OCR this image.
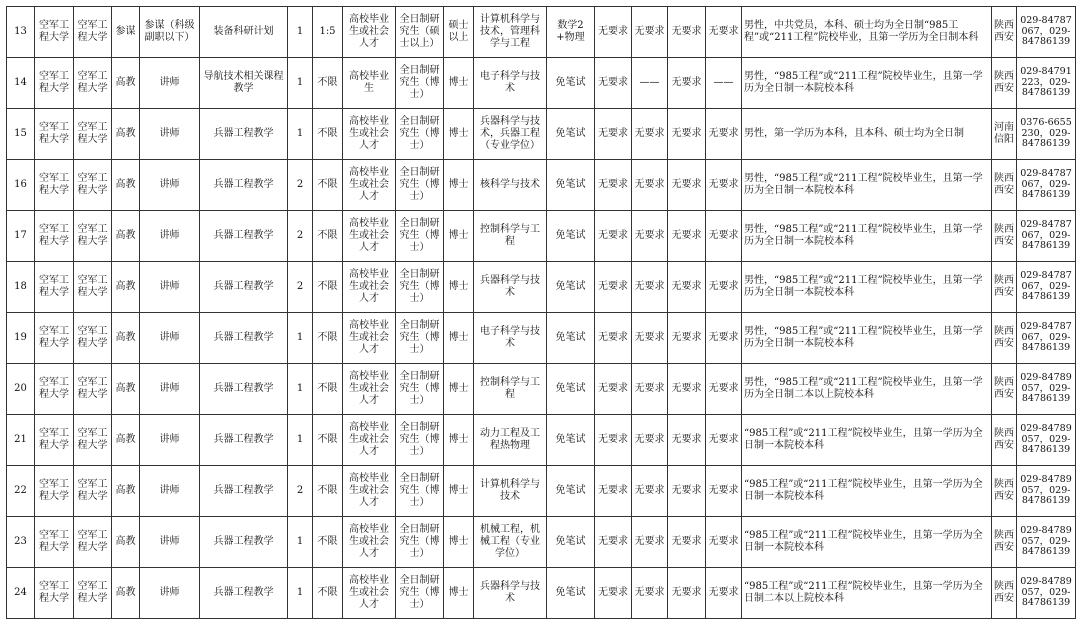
13	空军工程大学	空军工程大学	参谋	参谋（科级副职以下）	装备科研计划	1	1:5	高校毕业生或社会人才	全日制研究生（硕士以上）	硕士以上	计算机科学与技术，管理科学与工程	数学2+物理	无要求	无要求	无要求	无要求	男性，中共党员，本科、硕士均为全日制“985工程”或“211工程”院校毕业，且第一学历为全日制本科	陕西西安	029-84787067，029-84786139
14	空军工程大学	空军工程大学	高教	讲师	导航技术相关课程教学	1	不限	高校毕业生	全日制研究生（博士）	博士	电子科学与技术	免笔试	无要求	——	无要求	——	男性，“985工程”或“211工程”院校毕业生，且第一学历为全日制一本院校本科	陕西西安	029-84791223，029-84786139
15	空军工程大学	空军工程大学	高教	讲师	兵器工程教学	1	不限	高校毕业生或社会人才	全日制研究生（博士）	博士	兵器科学与技术，兵器工程（专业学位）	免笔试	无要求	无要求	无要求	无要求	男性，第一学历为本科，且本科、硕士均为全日制	河南信阳	0376-6655230，029-84786139
16	空军工程大学	空军工程大学	高教	讲师	兵器工程教学	2	不限	高校毕业生或社会人才	全日制研究生（博士）	博士	核科学与技术	免笔试	无要求	无要求	无要求	无要求	男性，“985工程”或“211工程”院校毕业生，且第一学历为全日制一本院校本科	陕西西安	029-84787067，029-84786139
17	空军工程大学	空军工程大学	高教	讲师	兵器工程教学	2	不限	高校毕业生或社会人才	全日制研究生（博士）	博士	控制科学与工程	免笔试	无要求	无要求	无要求	无要求	男性，“985工程”或“211工程”院校毕业生，且第一学历为全日制一本院校本科	陕西西安	029-84787067，029-84786139
18	空军工程大学	空军工程大学	高教	讲师	兵器工程教学	2	不限	高校毕业生或社会人才	全日制研究生（博士）	博士	兵器科学与技术	免笔试	无要求	无要求	无要求	无要求	男性，“985工程”或“211工程”院校毕业生，且第一学历为全日制一本院校本科	陕西西安	029-84787067，029-84786139
19	空军工程大学	空军工程大学	高教	讲师	兵器工程教学	1	不限	高校毕业生或社会人才	全日制研究生（博士）	博士	电子科学与技术	免笔试	无要求	无要求	无要求	无要求	男性，“985工程”或“211工程”院校毕业生，且第一学历为全日制一本院校本科	陕西西安	029-84787067，029-84786139
20	空军工程大学	空军工程大学	高教	讲师	兵器工程教学	1	不限	高校毕业生或社会人才	全日制研究生（博士）	博士	控制科学与工程	免笔试	无要求	无要求	无要求	无要求	男性，“985工程”或“211工程”院校毕业生，且第一学历为全日制二本以上院校本科	陕西西安	029-84789057，029-84786139
21	空军工程大学	空军工程大学	高教	讲师	兵器工程教学	1	不限	高校毕业生或社会人才	全日制研究生（博士）	博士	动力工程及工程热物理	免笔试	无要求	无要求	无要求	无要求	“985工程”或“211工程”院校毕业生，且第一学历为全日制一本院校本科	陕西西安	029-84789057，029-84786139
22	空军工程大学	空军工程大学	高教	讲师	兵器工程教学	2	不限	高校毕业生或社会人才	全日制研究生（博士）	博士	计算机科学与技术	免笔试	无要求	无要求	无要求	无要求	“985工程”或“211工程”院校毕业生，且第一学历为全日制一本院校本科	陕西西安	029-84789057，029-84786139
23	空军工程大学	空军工程大学	高教	讲师	兵器工程教学	1	不限	高校毕业生或社会人才	全日制研究生（博士）	博士	机械工程，机械工程（专业学位）	免笔试	无要求	无要求	无要求	无要求	“985工程”或“211工程”院校毕业生，且第一学历为全日制一本院校本科	陕西西安	029-84789057，029-84786139
24	空军工程大学	空军工程大学	高教	讲师	兵器工程教学	1	不限	高校毕业生或社会人才	全日制研究生（博士）	博士	兵器科学与技术	免笔试	无要求	无要求	无要求	无要求	“985工程”或“211工程”院校毕业生，且第一学历为全日制二本以上院校本科	陕西西安	029-84789057，029-84786139
